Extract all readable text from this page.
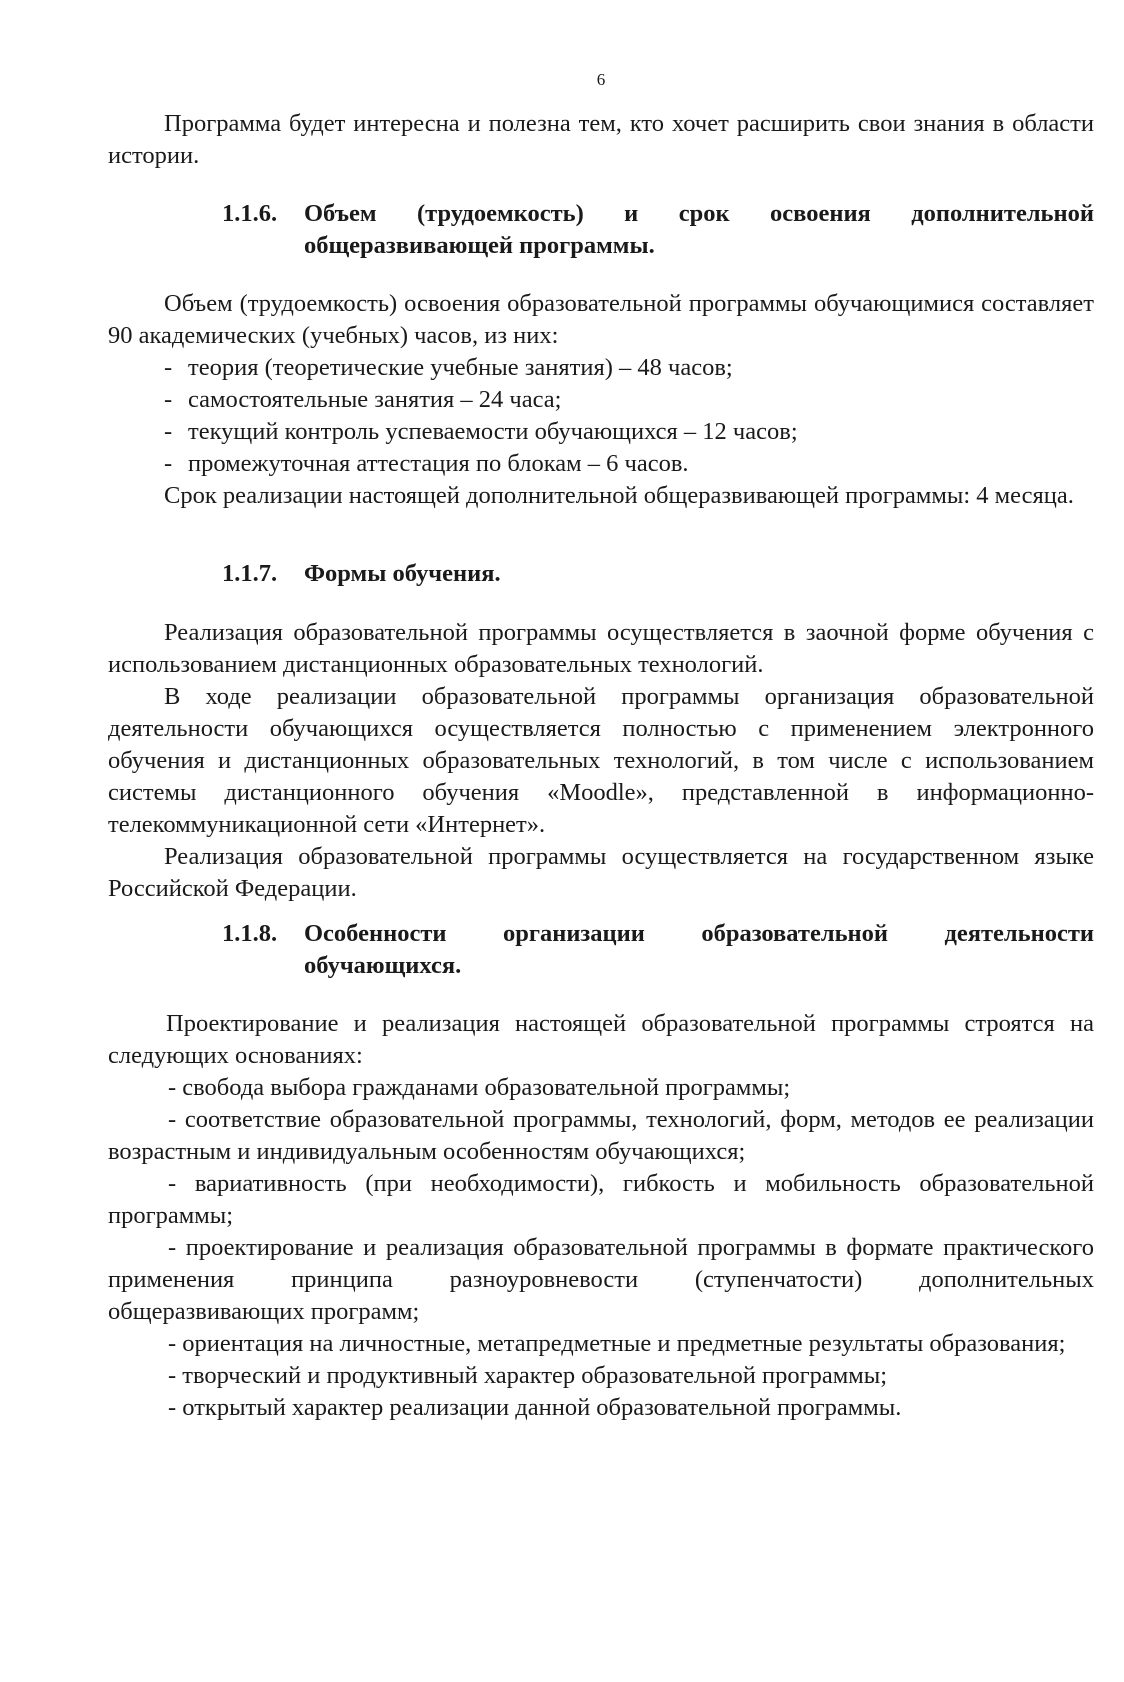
6

Программа будет интересна и полезна тем, кто хочет расширить свои знания в области истории.

1.1.6. Объем (трудоемкость) и срок освоения дополнительной общеразвивающей программы.

Объем (трудоемкость) освоения образовательной программы обучающимися составляет 90 академических (учебных) часов, из них:

- теория (теоретические учебные занятия) – 48 часов;
- самостоятельные занятия – 24 часа;
- текущий контроль успеваемости обучающихся – 12 часов;
- промежуточная аттестация по блокам – 6 часов.

Срок реализации настоящей дополнительной общеразвивающей программы: 4 месяца.

1.1.7. Формы обучения.

Реализация образовательной программы осуществляется в заочной форме обучения с использованием дистанционных образовательных технологий.

В ходе реализации образовательной программы организация образовательной деятельности обучающихся осуществляется полностью с применением электронного обучения и дистанционных образовательных технологий, в том числе с использованием системы дистанционного обучения «Moodle», представленной в информационно-телекоммуникационной сети «Интернет».

Реализация образовательной программы осуществляется на государственном языке Российской Федерации.

1.1.8. Особенности организации образовательной деятельности обучающихся.

Проектирование и реализация настоящей образовательной программы строятся на следующих основаниях:

- свобода выбора гражданами образовательной программы;

- соответствие образовательной программы, технологий, форм, методов ее реализации возрастным и индивидуальным особенностям обучающихся;

- вариативность (при необходимости), гибкость и мобильность образовательной программы;

- проектирование и реализация образовательной программы в формате практического применения принципа разноуровневости (ступенчатости) дополнительных общеразвивающих программ;

- ориентация на личностные, метапредметные и предметные результаты образования;

- творческий и продуктивный характер образовательной программы;

- открытый характер реализации данной образовательной программы.
